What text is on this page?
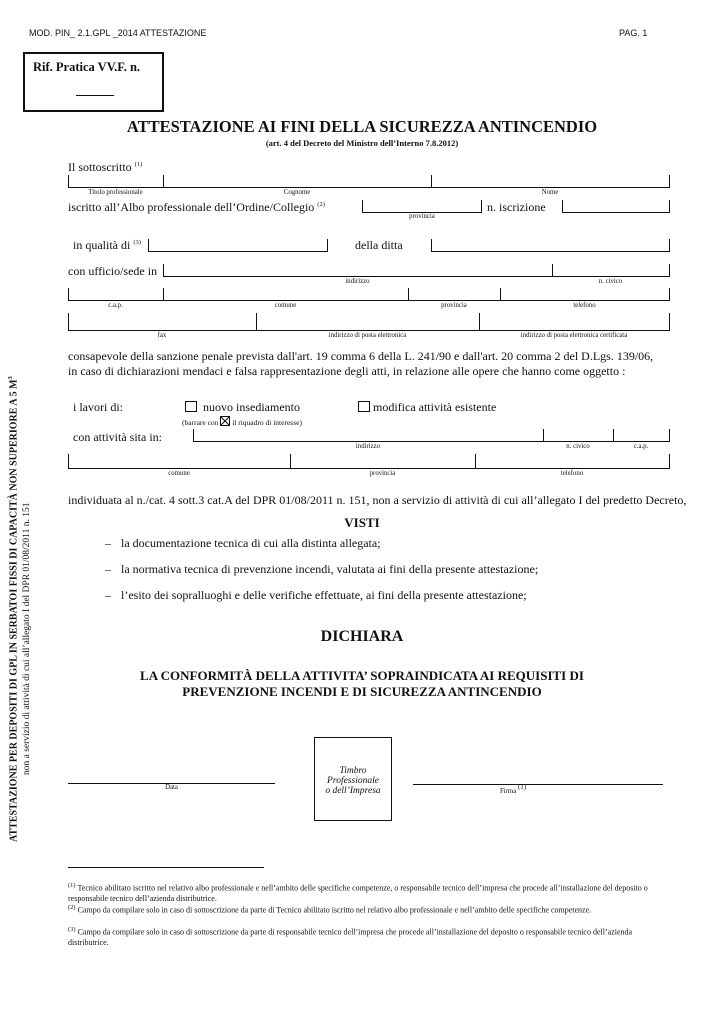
MOD. PIN_ 2.1.GPL _2014 ATTESTAZIONE	PAG. 1
Rif. Pratica VV.F. n.
ATTESTAZIONE AI FINI DELLA SICUREZZA ANTINCENDIO
(art. 4 del Decreto del Ministro dell’Interno 7.8.2012)
ATTESTAZIONE PER DEPOSITI DI GPL IN SERBATOI FISSI DI CAPACITÀ NON SUPERIORE A 5 $M^3$
non a servizio di attività di cui all’allegato I del DPR 01/08/2011 n. 151
Il sottoscritto $^{(1)}$
Titolo professionale	Cognome	Nome
iscritto all’Albo professionale dell’Ordine/Collegio $^{(2)}$
provincia
n. iscrizione
in qualità di $^{(3)}$	della ditta
con ufficio/sede in
indirizzo	n. civico
c.a.p.	comune	provincia	telefono
fax	indirizzo di posta elettronica	indirizzo di posta elettronica certificata
consapevole della sanzione penale prevista dall'art. 19 comma 6 della L. 241/90 e dall'art. 20 comma 2 del D.Lgs. 139/06,
in caso di dichiarazioni mendaci e falsa rappresentazione degli atti, in relazione alle opere che hanno come oggetto :
i lavori di:	nuovo insediamento	modifica attività esistente
(barrare con ☒ il riquadro di interesse)
con attività sita in:
indirizzo	n. civico	c.a.p.
comune	provincia	telefono
individuata al n./cat. 4 sott.3 cat.A del DPR 01/08/2011 n. 151, non a servizio di attività di cui all’allegato I del predetto Decreto,
VISTI
– la documentazione tecnica di cui alla distinta allegata;
– la normativa tecnica di prevenzione incendi, valutata ai fini della presente attestazione;
– l’esito dei sopralluoghi e delle verifiche effettuate, ai fini della presente attestazione;
DICHIARA
LA CONFORMITÀ DELLA ATTIVITA’ SOPRAINDICATA AI REQUISITI DI
PREVENZIONE INCENDI E DI SICUREZZA ANTINCENDIO
Data
Timbro
Professionale
o dell’Impresa	Firma (1)
$^{(1)}$ Tecnico abilitato iscritto nel relativo albo professionale e nell’ambito delle specifiche competenze, o responsabile tecnico dell’impresa che procede all’installazione del deposito o responsabile tecnico dell’azienda distributrice.
$^{(2)}$ Campo da compilare solo in caso di sottoscrizione da parte di Tecnico abilitato iscritto nel relativo albo professionale e nell’ambito delle specifiche competenze.
$^{(3)}$ Campo da compilare solo in caso di sottoscrizione da parte di responsabile tecnico dell’impresa che procede all’installazione del deposito o responsabile tecnico dell’azienda distributrice.
